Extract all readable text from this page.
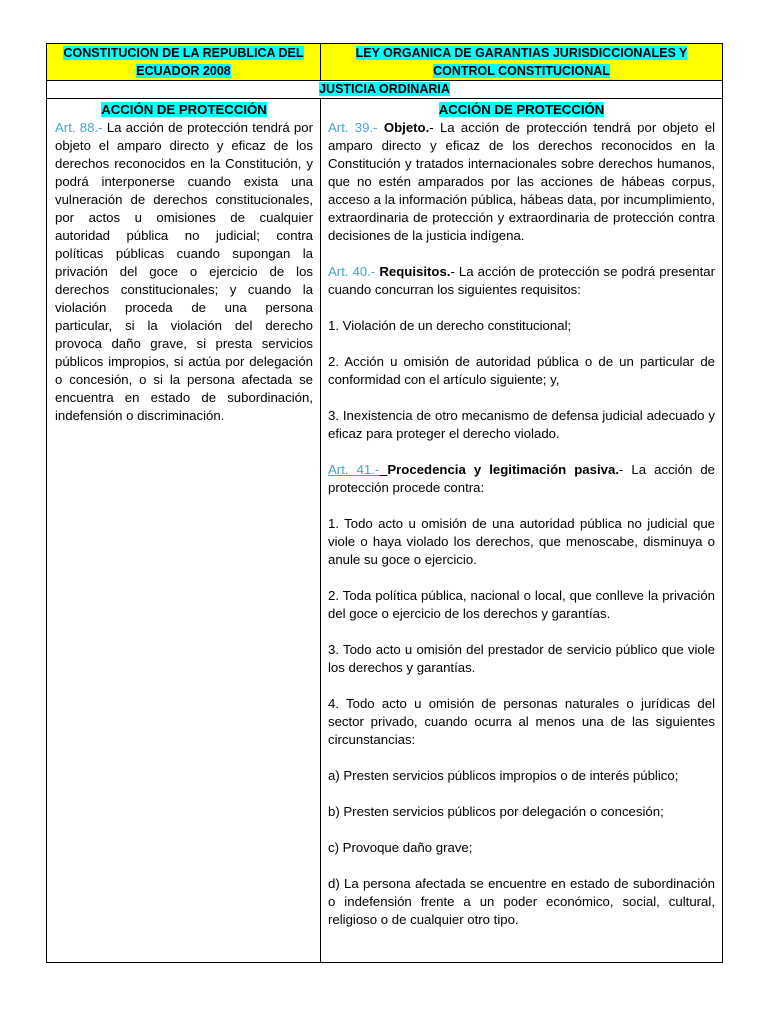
CONSTITUCION DE LA REPUBLICA DEL ECUADOR 2008
LEY ORGANICA DE GARANTIAS JURISDICCIONALES Y CONTROL CONSTITUCIONAL
JUSTICIA ORDINARIA

ACCIÓN DE PROTECCIÓN

Art. 88.- La acción de protección tendrá por objeto el amparo directo y eficaz de los derechos reconocidos en la Constitución, y podrá interponerse cuando exista una vulneración de derechos constitucionales, por actos u omisiones de cualquier autoridad pública no judicial; contra políticas públicas cuando supongan la privación del goce o ejercicio de los derechos constitucionales; y cuando la violación proceda de una persona particular, si la violación del derecho provoca daño grave, si presta servicios públicos impropios, si actúa por delegación o concesión, o si la persona afectada se encuentra en estado de subordinación, indefensión o discriminación.

ACCIÓN DE PROTECCIÓN

Art. 39.- Objeto.- La acción de protección tendrá por objeto el amparo directo y eficaz de los derechos reconocidos en la Constitución y tratados internacionales sobre derechos humanos, que no estén amparados por las acciones de hábeas corpus, acceso a la información pública, hábeas data, por incumplimiento, extraordinaria de protección y extraordinaria de protección contra decisiones de la justicia indígena.

Art. 40.- Requisitos.- La acción de protección se podrá presentar cuando concurran los siguientes requisitos:

1. Violación de un derecho constitucional;

2. Acción u omisión de autoridad pública o de un particular de conformidad con el artículo siguiente; y,

3. Inexistencia de otro mecanismo de defensa judicial adecuado y eficaz para proteger el derecho violado.

Art. 41.- Procedencia y legitimación pasiva.- La acción de protección procede contra:

1. Todo acto u omisión de una autoridad pública no judicial que viole o haya violado los derechos, que menoscabe, disminuya o anule su goce o ejercicio.

2. Toda política pública, nacional o local, que conlleve la privación del goce o ejercicio de los derechos y garantías.

3. Todo acto u omisión del prestador de servicio público que viole los derechos y garantías.

4. Todo acto u omisión de personas naturales o jurídicas del sector privado, cuando ocurra al menos una de las siguientes circunstancias:

a) Presten servicios públicos impropios o de interés público;

b) Presten servicios públicos por delegación o concesión;

c) Provoque daño grave;

d) La persona afectada se encuentre en estado de subordinación o indefensión frente a un poder económico, social, cultural, religioso o de cualquier otro tipo.
